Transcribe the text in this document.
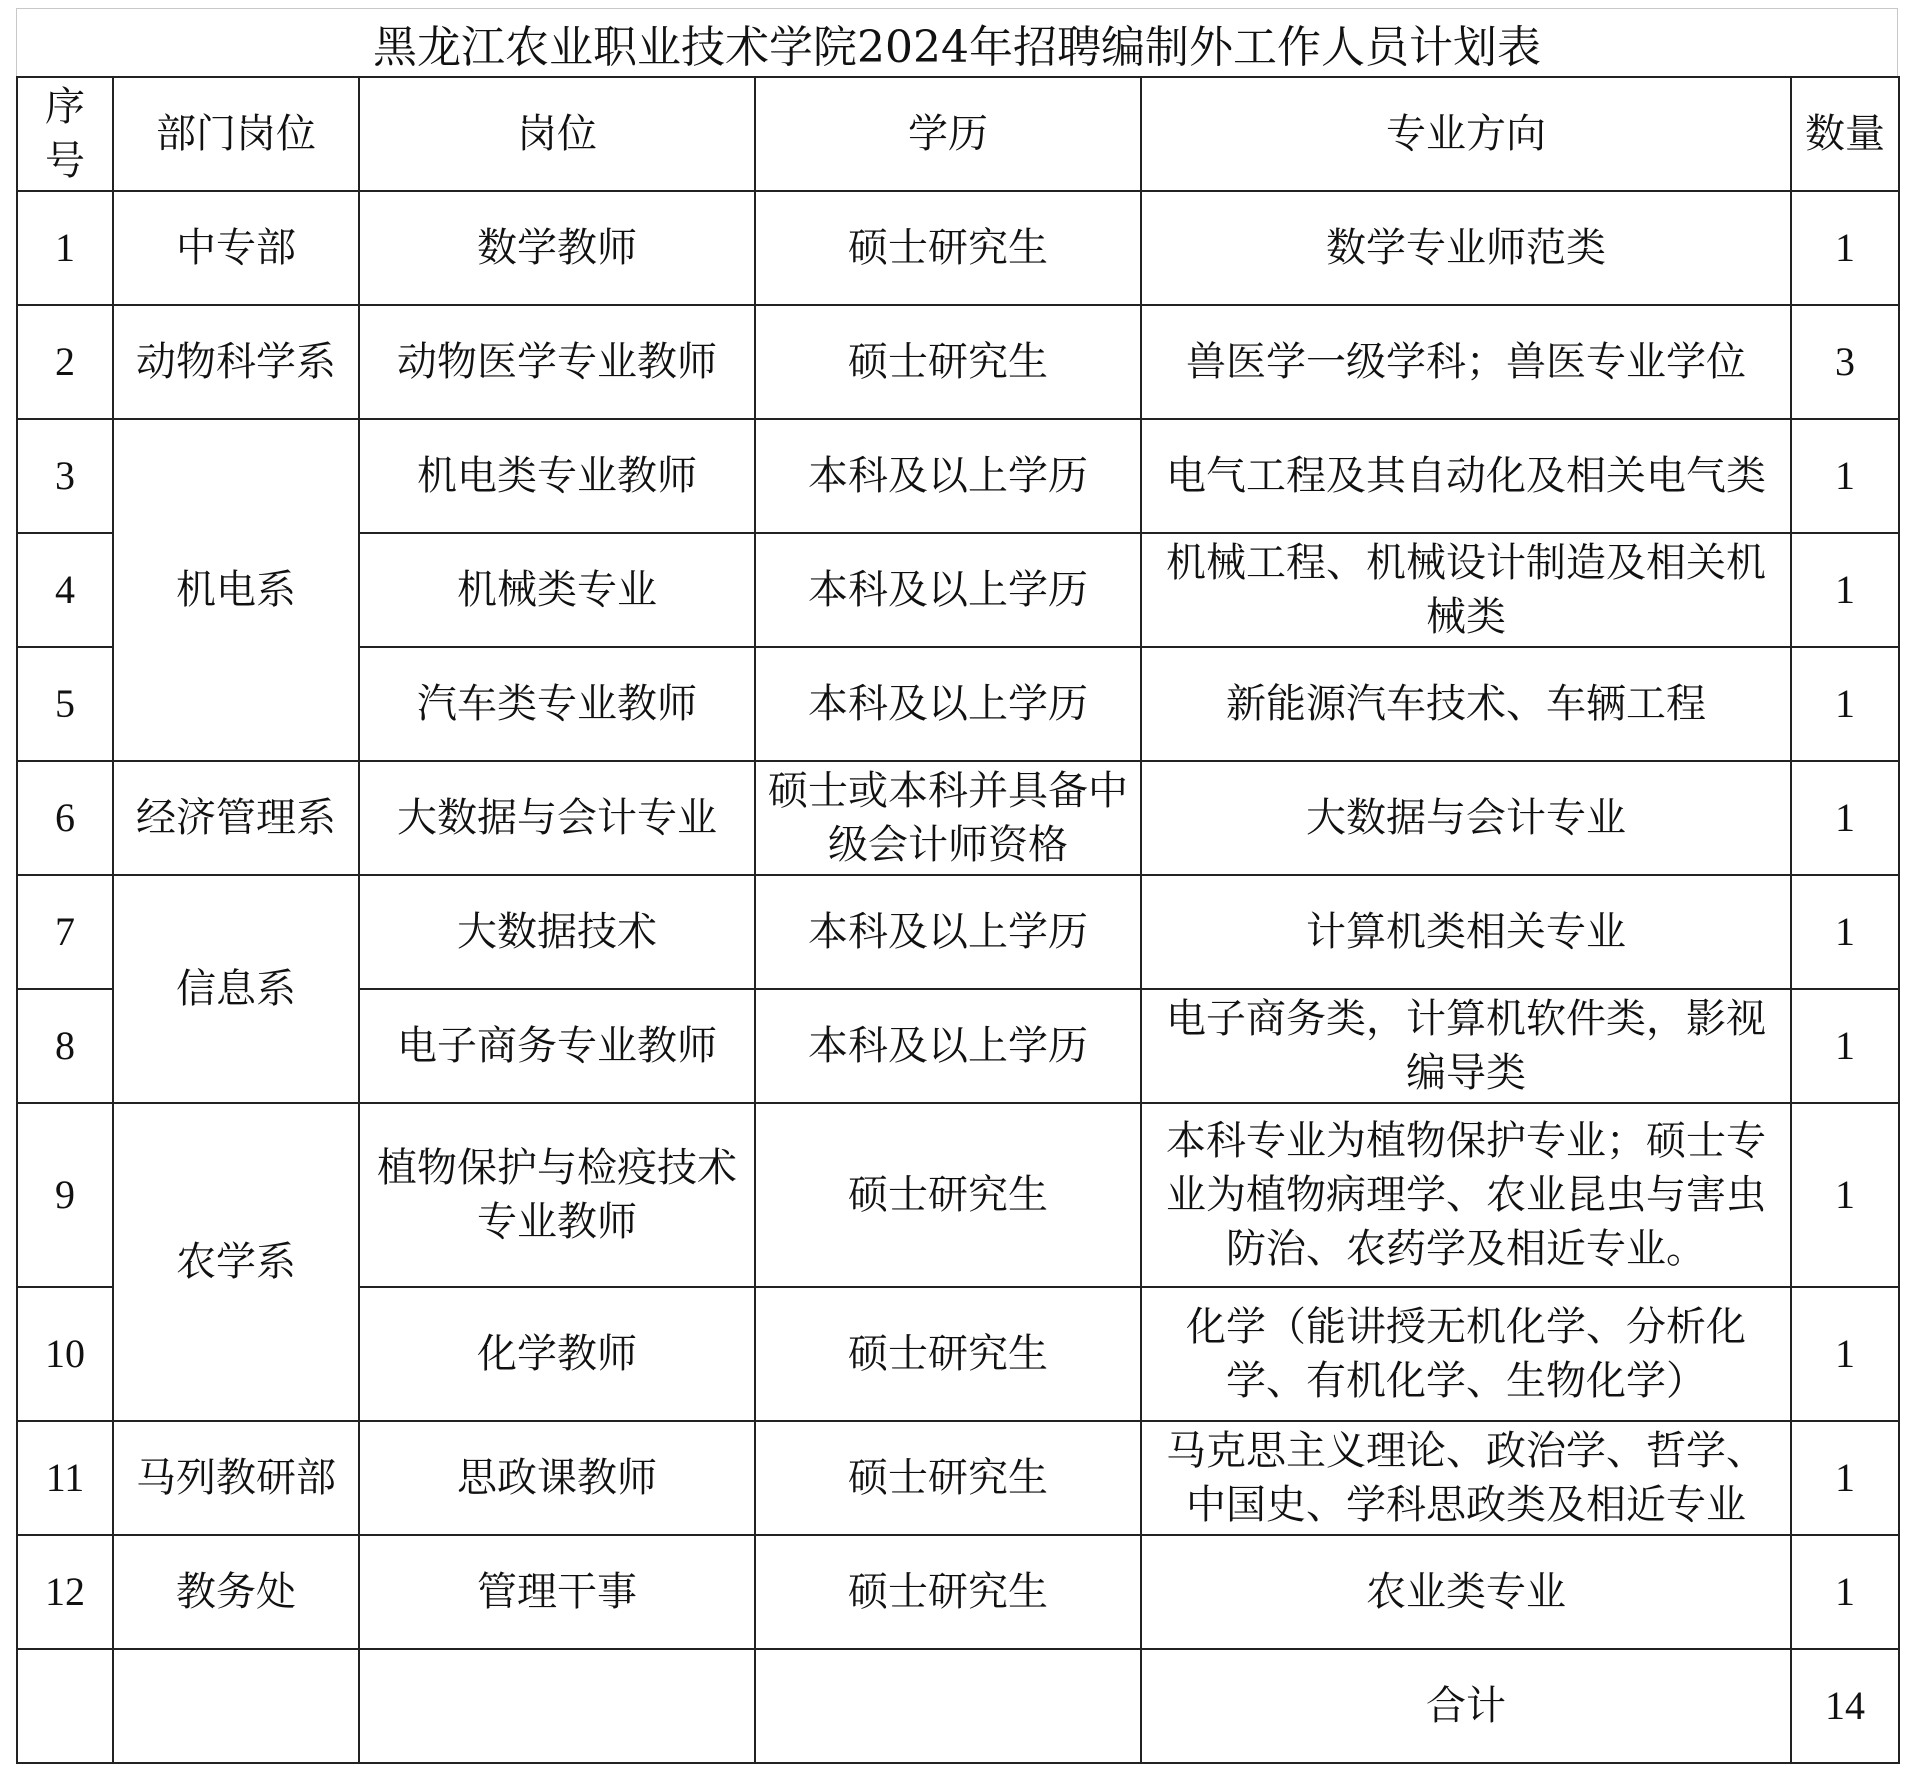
黑龙江农业职业技术学院2024年招聘编制外工作人员计划表
序
号	部门岗位	岗位	学历	专业方向	数量
1	中专部	数学教师	硕士研究生	数学专业师范类	1
2	动物科学系	动物医学专业教师	硕士研究生	兽医学一级学科；兽医专业学位	3
3	机电系	机电类专业教师	本科及以上学历	电气工程及其自动化及相关电气类	1
4		机械类专业	本科及以上学历	机械工程、机械设计制造及相关机械类	1
5		汽车类专业教师	本科及以上学历	新能源汽车技术、车辆工程	1
6	经济管理系	大数据与会计专业	硕士或本科并具备中级会计师资格	大数据与会计专业	1
7	信息系	大数据技术	本科及以上学历	计算机类相关专业	1
8		电子商务专业教师	本科及以上学历	电子商务类，计算机软件类，影视编导类	1
9	农学系	植物保护与检疫技术专业教师	硕士研究生	本科专业为植物保护专业；硕士专业为植物病理学、农业昆虫与害虫防治、农药学及相近专业。	1
10		化学教师	硕士研究生	化学（能讲授无机化学、分析化学、有机化学、生物化学）	1
11	马列教研部	思政课教师	硕士研究生	马克思主义理论、政治学、哲学、中国史、学科思政类及相近专业	1
12	教务处	管理干事	硕士研究生	农业类专业	1
				合计	14
